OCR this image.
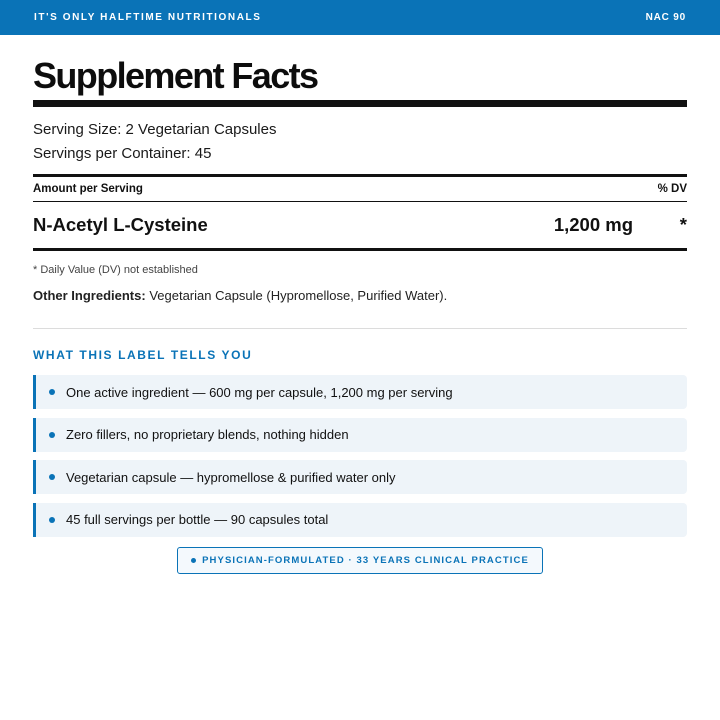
IT'S ONLY HALFTIME NUTRITIONALS	NAC 90
Supplement Facts
Serving Size: 2 Vegetarian Capsules
Servings per Container: 45
Amount per Serving	% DV
N-Acetyl L-Cysteine	1,200 mg	*
* Daily Value (DV) not established
Other Ingredients: Vegetarian Capsule (Hypromellose, Purified Water).
WHAT THIS LABEL TELLS YOU
One active ingredient — 600 mg per capsule, 1,200 mg per serving
Zero fillers, no proprietary blends, nothing hidden
Vegetarian capsule — hypromellose & purified water only
45 full servings per bottle — 90 capsules total
PHYSICIAN-FORMULATED · 33 YEARS CLINICAL PRACTICE
